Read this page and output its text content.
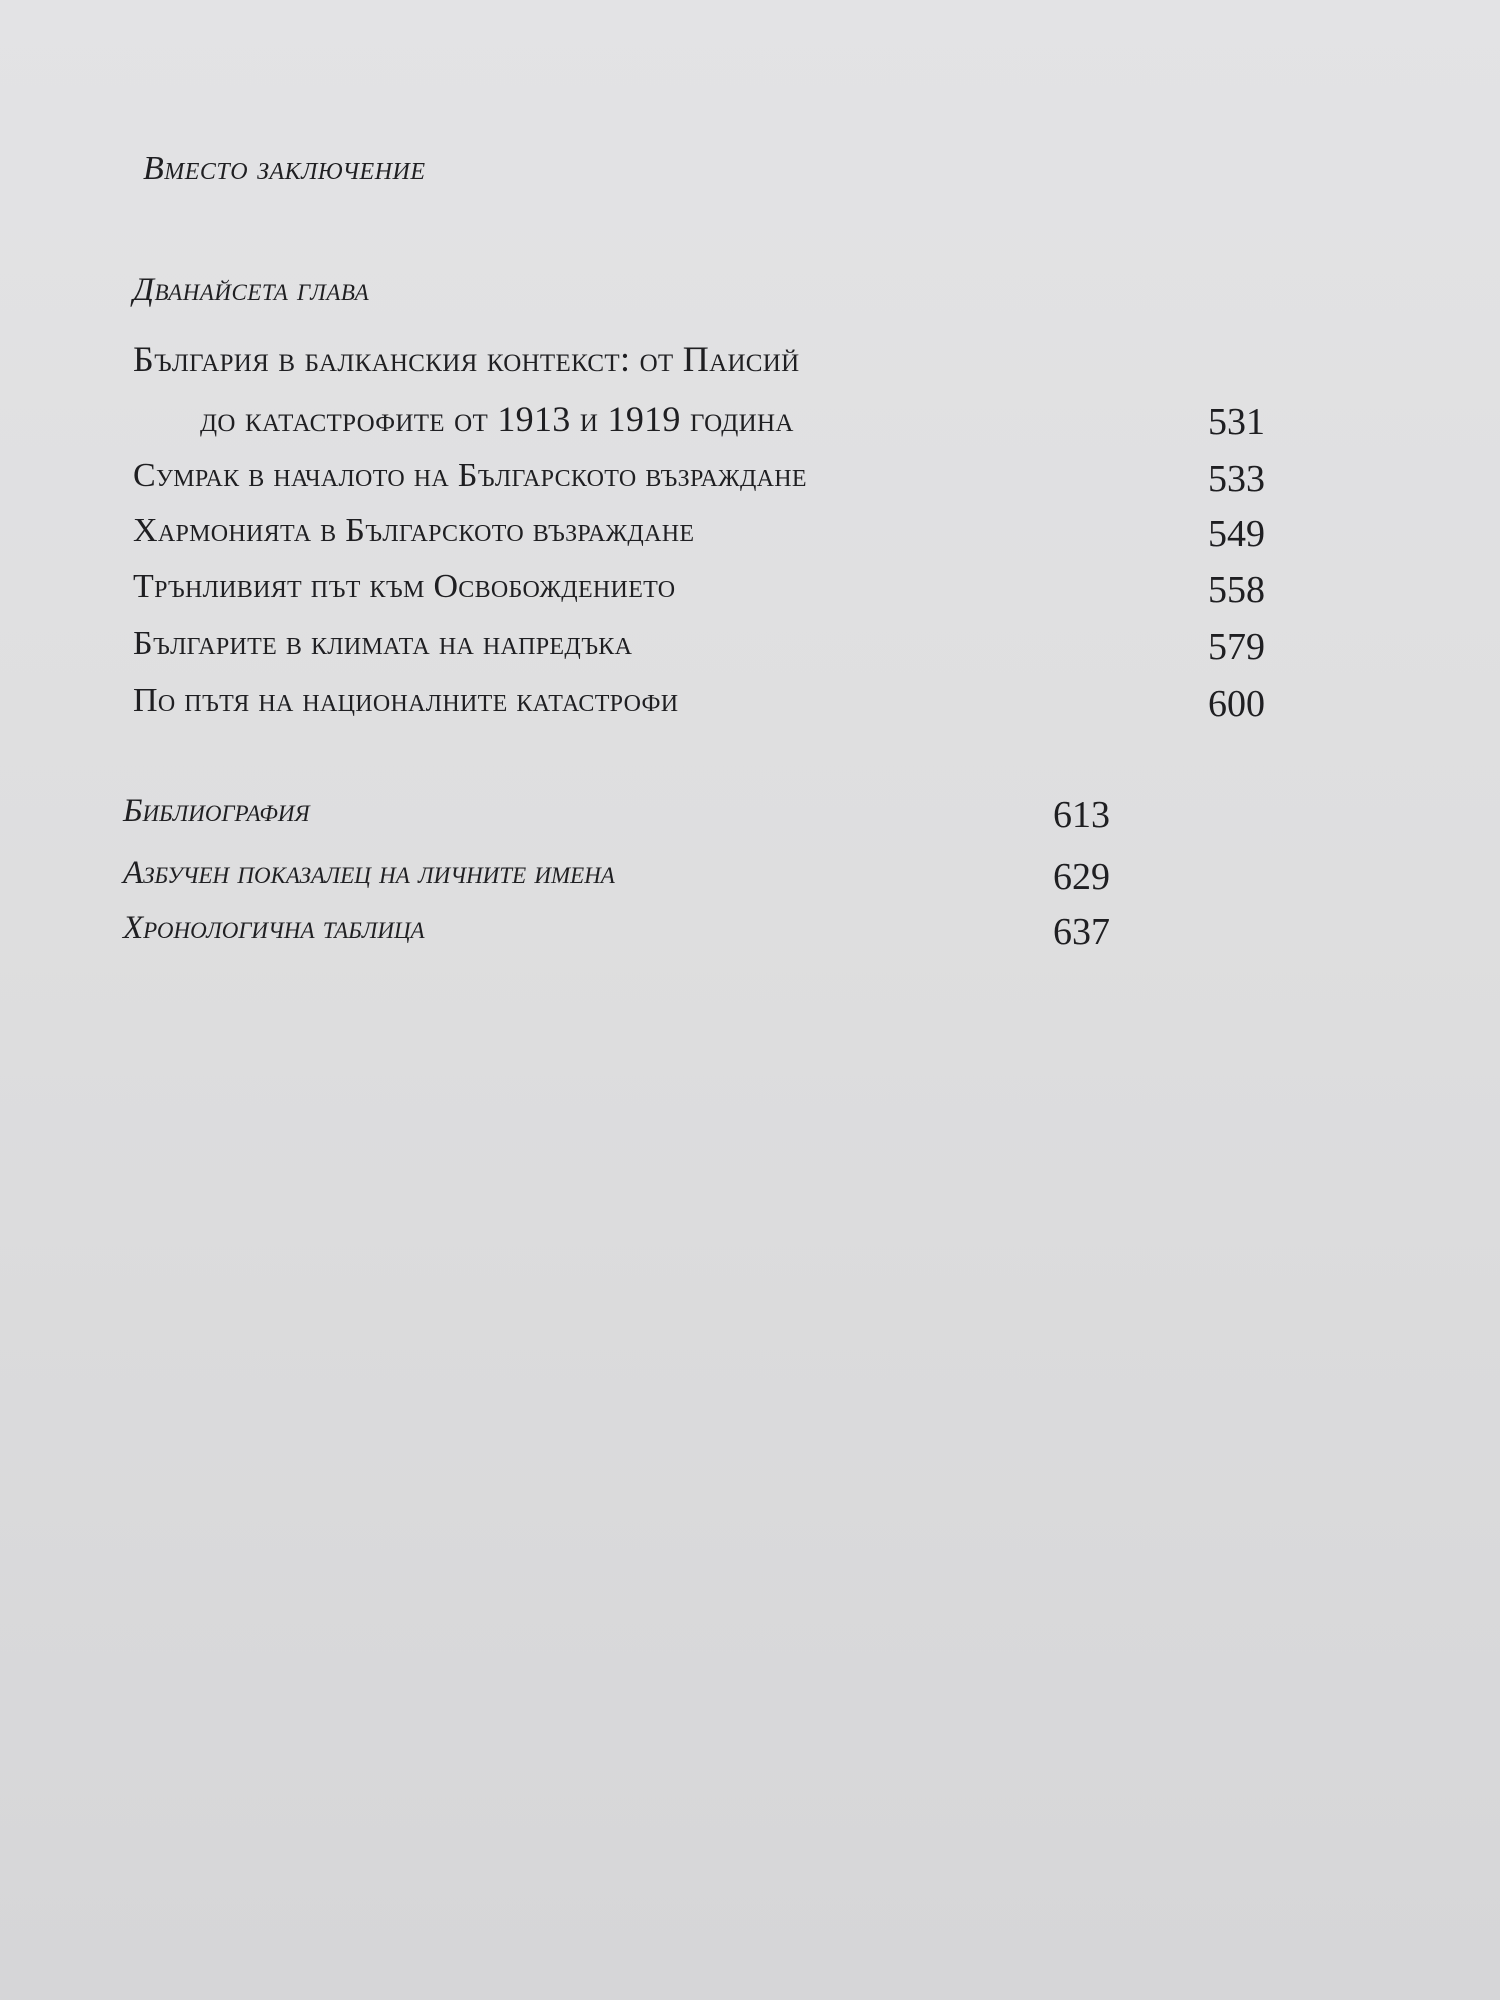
Вместо заключение
Дванайсета глава
България в балканския контекст: от Паисий
до катастрофите от 1913 и 1919 година	531
Сумрак в началото на Българското възраждане	533
Хармонията в Българското възраждане	549
Трънливият път към Освобождението	558
Българите в климата на напредъка	579
По пътя на националните катастрофи	600
Библиография	613
Азбучен показалец на личните имена	629
Хронологична таблица	637
